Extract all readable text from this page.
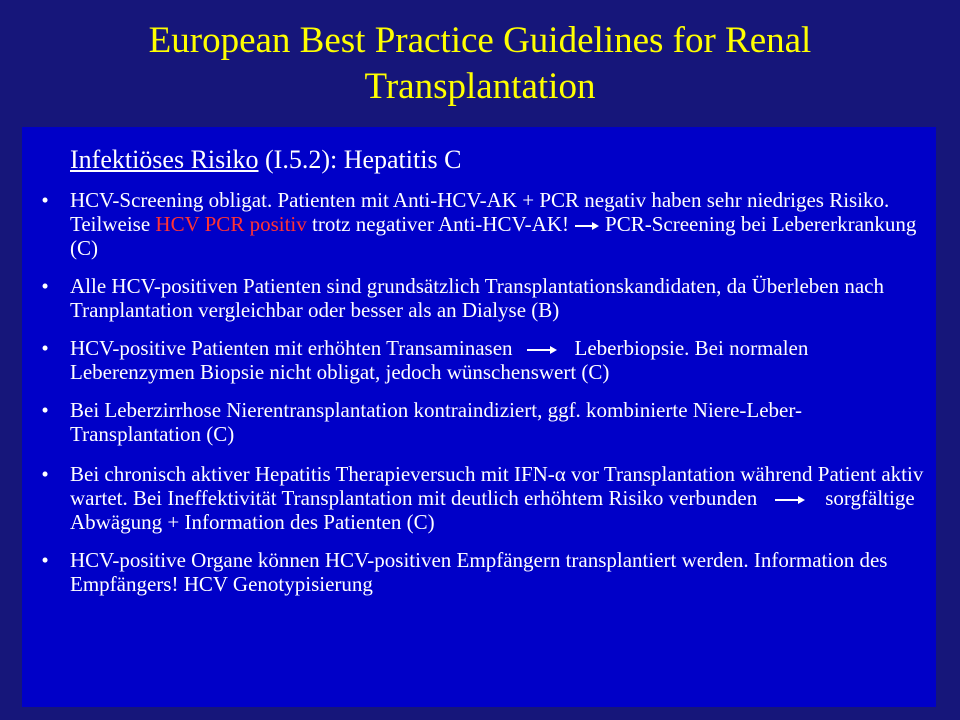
European Best Practice Guidelines for Renal Transplantation
Infektiöses Risiko (I.5.2): Hepatitis C
•	HCV-Screening obligat. Patienten mit Anti-HCV-AK + PCR negativ haben sehr niedriges Risiko. Teilweise HCV PCR positiv trotz negativer Anti-HCV-AK! PCR-Screening bei Lebererkrankung (C)
•	Alle HCV-positiven Patienten sind grundsätzlich Transplantationskandidaten, da Überleben nach Tranplantation vergleichbar oder besser als an Dialyse (B)
•	HCV-positive Patienten mit erhöhten Transaminasen	Leberbiopsie. Bei normalen Leberenzymen Biopsie nicht obligat, jedoch wünschenswert (C)
•	Bei Leberzirrhose Nierentransplantation kontraindiziert, ggf. kombinierte Niere-Leber-Transplantation (C)
•	Bei chronisch aktiver Hepatitis Therapieversuch mit IFN-α vor Transplantation während Patient aktiv wartet. Bei Ineffektivität Transplantation mit deutlich erhöhtem Risiko verbunden	sorgfältige Abwägung + Information des Patienten (C)
•	HCV-positive Organe können HCV-positiven Empfängern transplantiert werden. Information des Empfängers! HCV Genotypisierung
